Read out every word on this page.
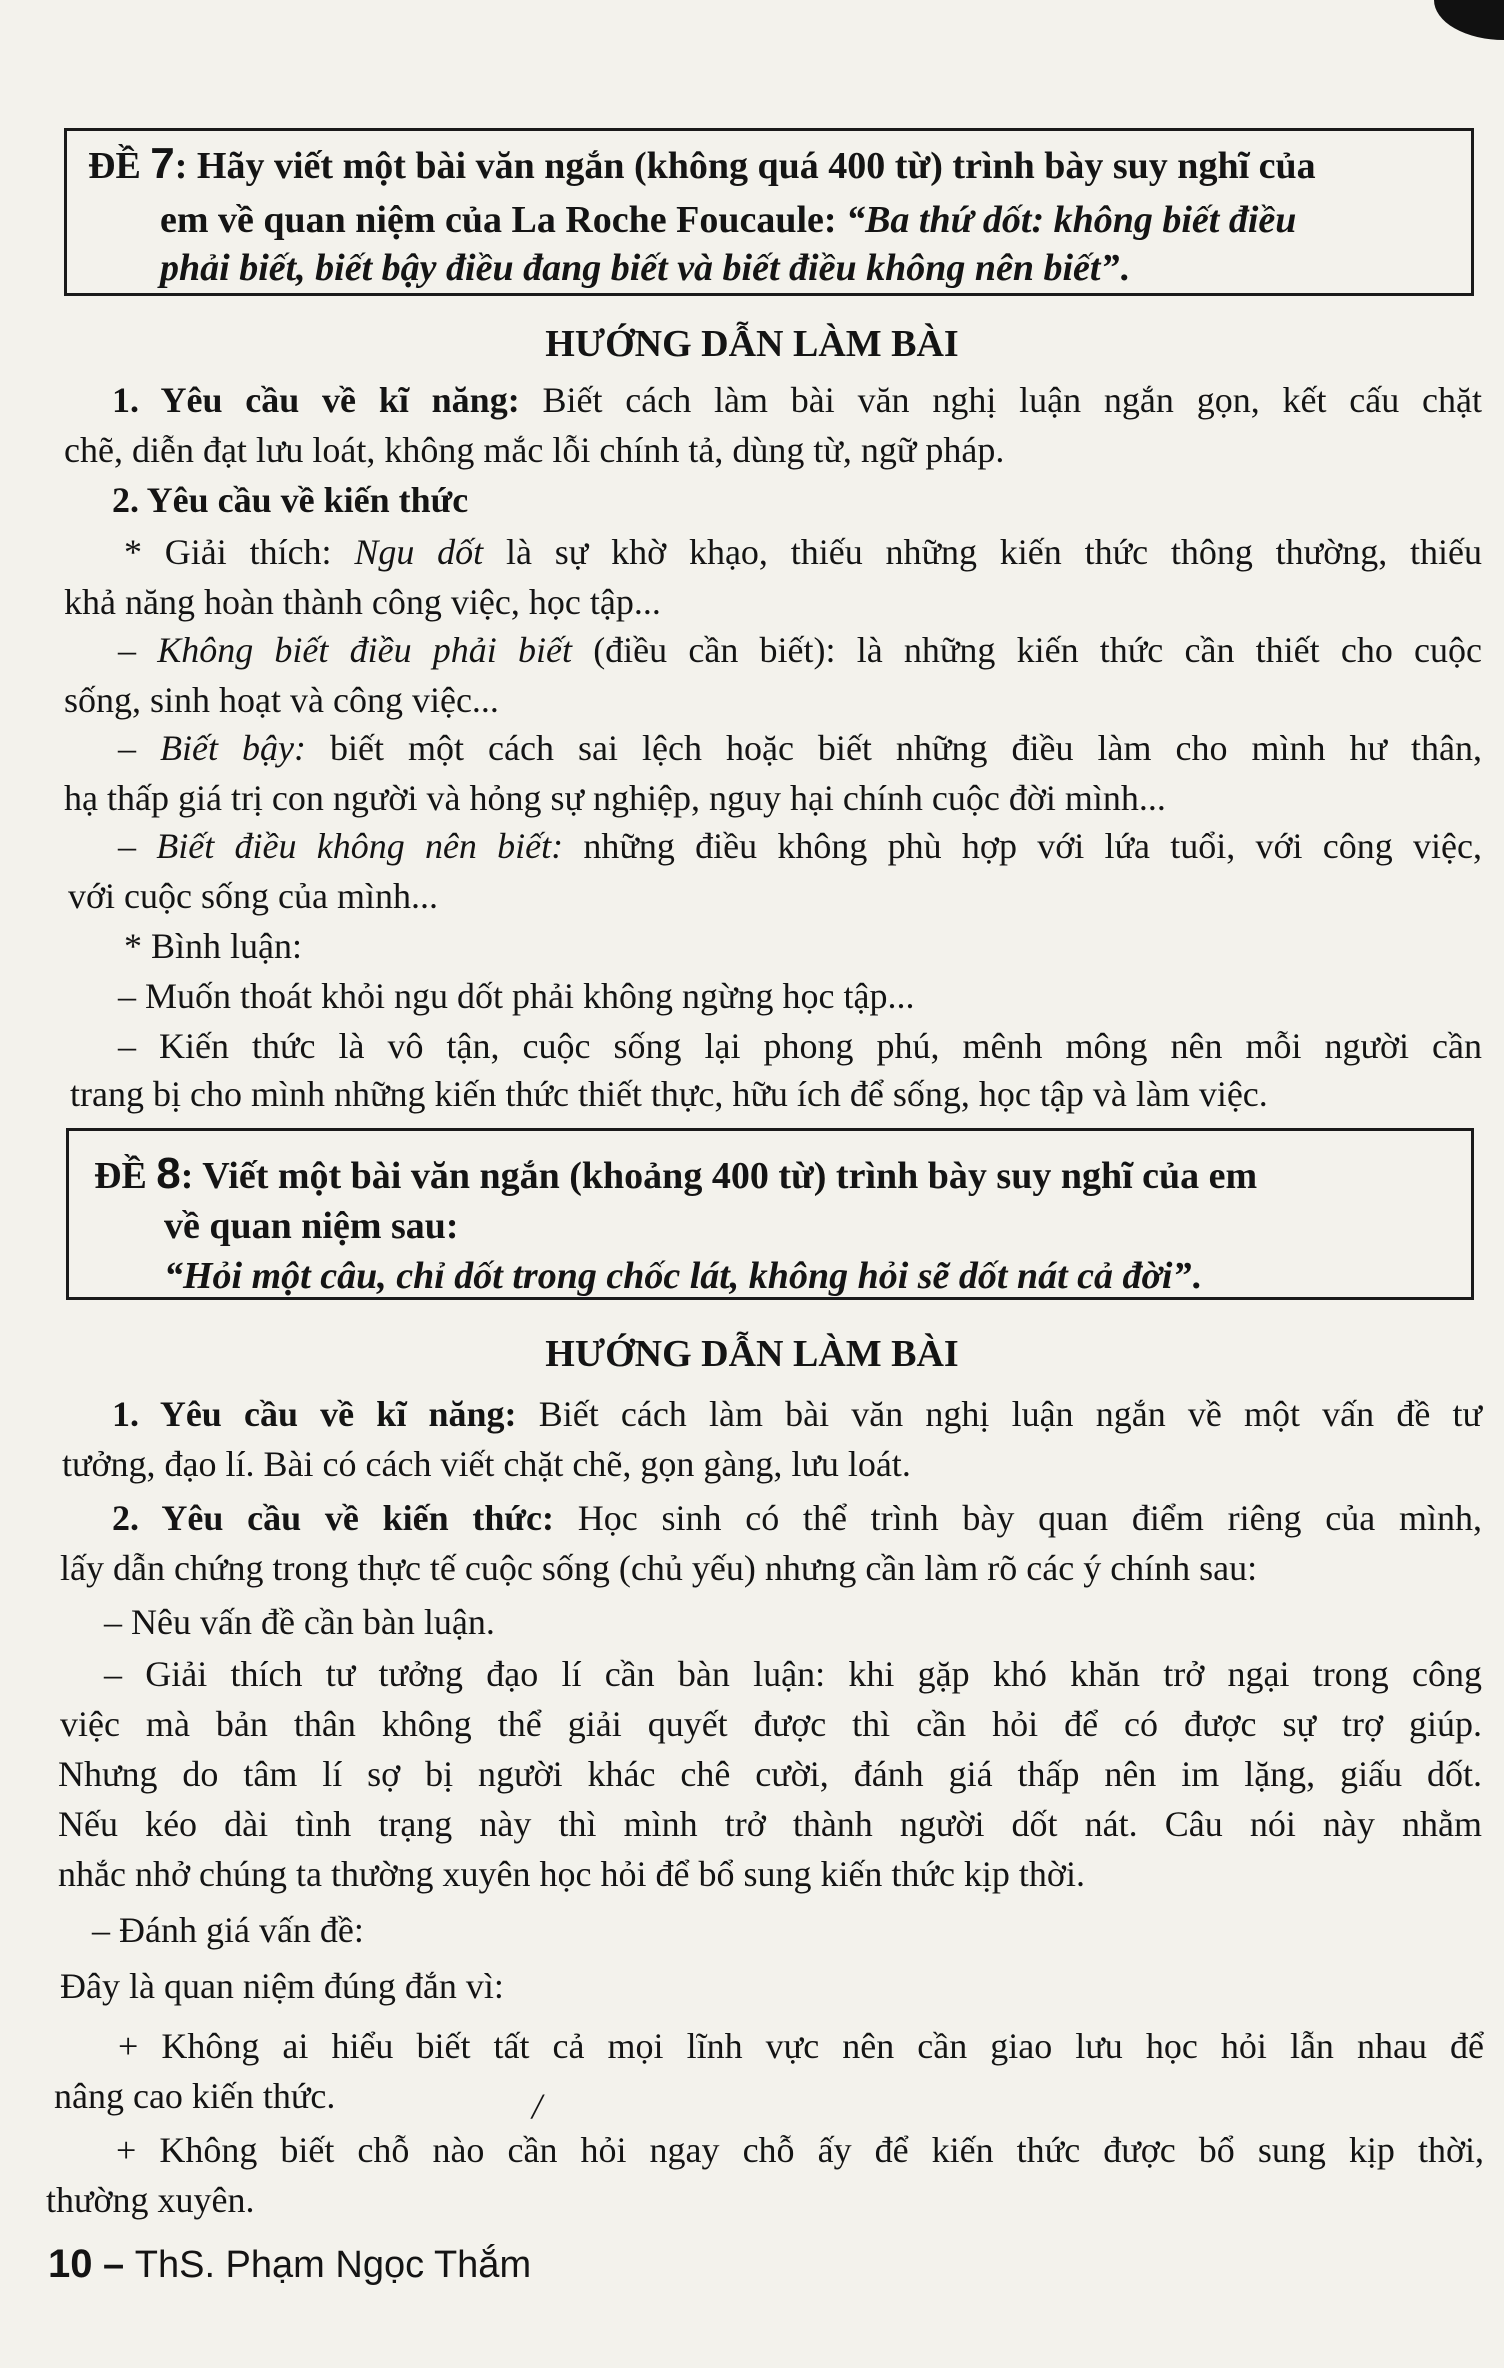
ĐỀ 7: Hãy viết một bài văn ngắn (không quá 400 từ) trình bày suy nghĩ của
em về quan niệm của La Roche Foucaule: “Ba thứ dốt: không biết điều
phải biết, biết bậy điều đang biết và biết điều không nên biết”.
HƯỚNG DẪN LÀM BÀI
1. Yêu cầu về kĩ năng: Biết cách làm bài văn nghị luận ngắn gọn, kết cấu chặt
chẽ, diễn đạt lưu loát, không mắc lỗi chính tả, dùng từ, ngữ pháp.
2. Yêu cầu về kiến thức
* Giải thích: Ngu dốt là sự khờ khạo, thiếu những kiến thức thông thường, thiếu
khả năng hoàn thành công việc, học tập...
– Không biết điều phải biết (điều cần biết): là những kiến thức cần thiết cho cuộc
sống, sinh hoạt và công việc...
– Biết bậy: biết một cách sai lệch hoặc biết những điều làm cho mình hư thân,
hạ thấp giá trị con người và hỏng sự nghiệp, nguy hại chính cuộc đời mình...
– Biết điều không nên biết: những điều không phù hợp với lứa tuổi, với công việc,
với cuộc sống của mình...
* Bình luận:
– Muốn thoát khỏi ngu dốt phải không ngừng học tập...
– Kiến thức là vô tận, cuộc sống lại phong phú, mênh mông nên mỗi người cần
trang bị cho mình những kiến thức thiết thực, hữu ích để sống, học tập và làm việc.
ĐỀ 8: Viết một bài văn ngắn (khoảng 400 từ) trình bày suy nghĩ của em
về quan niệm sau:
“Hỏi một câu, chỉ dốt trong chốc lát, không hỏi sẽ dốt nát cả đời”.
HƯỚNG DẪN LÀM BÀI
1. Yêu cầu về kĩ năng: Biết cách làm bài văn nghị luận ngắn về một vấn đề tư
tưởng, đạo lí. Bài có cách viết chặt chẽ, gọn gàng, lưu loát.
2. Yêu cầu về kiến thức: Học sinh có thể trình bày quan điểm riêng của mình,
lấy dẫn chứng trong thực tế cuộc sống (chủ yếu) nhưng cần làm rõ các ý chính sau:
– Nêu vấn đề cần bàn luận.
– Giải thích tư tưởng đạo lí cần bàn luận: khi gặp khó khăn trở ngại trong công
việc mà bản thân không thể giải quyết được thì cần hỏi để có được sự trợ giúp.
Nhưng do tâm lí sợ bị người khác chê cười, đánh giá thấp nên im lặng, giấu dốt.
Nếu kéo dài tình trạng này thì mình trở thành người dốt nát. Câu nói này nhằm
nhắc nhở chúng ta thường xuyên học hỏi để bổ sung kiến thức kịp thời.
– Đánh giá vấn đề:
Đây là quan niệm đúng đắn vì:
+ Không ai hiểu biết tất cả mọi lĩnh vực nên cần giao lưu học hỏi lẫn nhau để
nâng cao kiến thức.	/
+ Không biết chỗ nào cần hỏi ngay chỗ ấy để kiến thức được bổ sung kịp thời,
thường xuyên.
10 – ThS. Phạm Ngọc Thắm
